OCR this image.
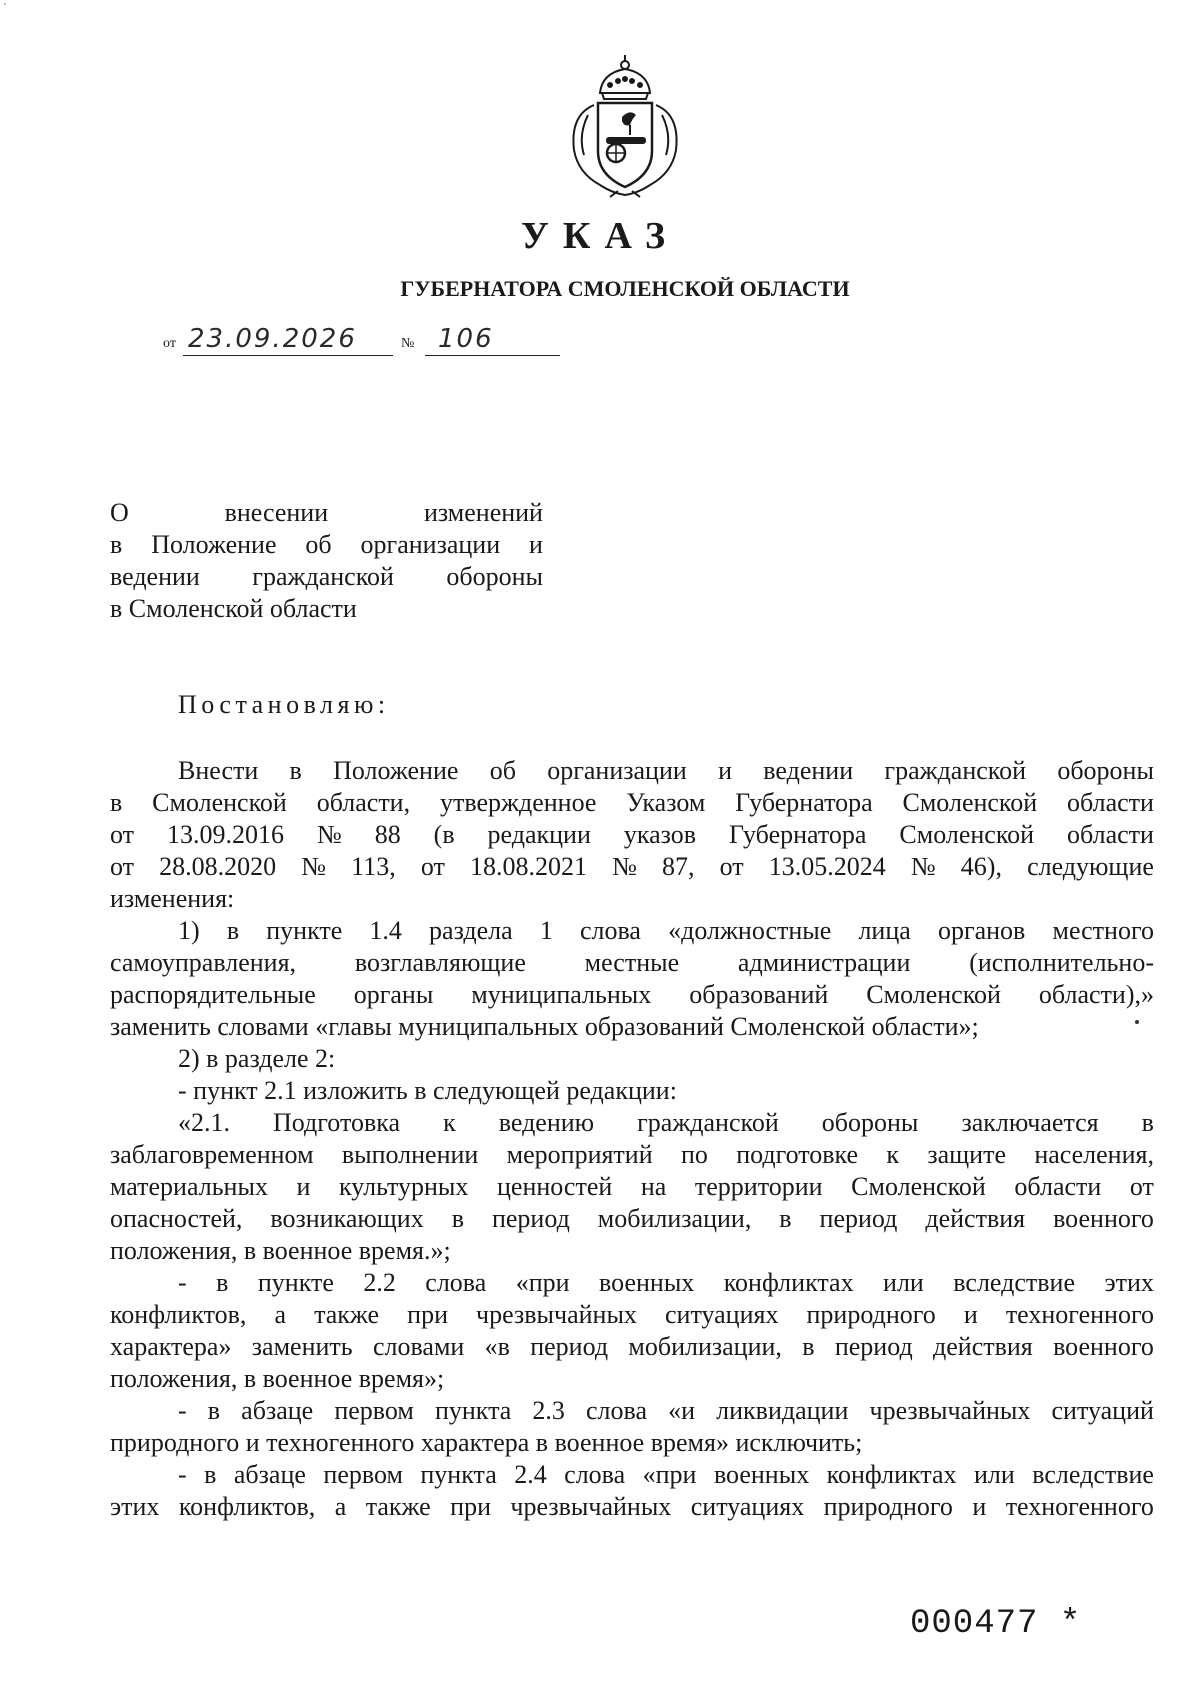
ʹ
УКАЗ
ГУБЕРНАТОРА СМОЛЕНСКОЙ ОБЛАСТИ
от 23.09.2026	№ 106
О	внесении	изменений
в Положение об организации и
ведении гражданской обороны
в Смоленской области
Постановляю:
Внести в Положение об организации и ведении гражданской обороны
в Смоленской области, утвержденное Указом Губернатора Смоленской области
от 13.09.2016 № 88 (в редакции указов Губернатора Смоленской области
от 28.08.2020 № 113, от 18.08.2021 № 87, от 13.05.2024 № 46), следующие
изменения:
1) в пункте 1.4 раздела 1 слова «должностные лица органов местного
самоуправления, возглавляющие местные администрации (исполнительно-
распорядительные органы муниципальных образований Смоленской области),»
заменить словами «главы муниципальных образований Смоленской области»;
2) в разделе 2:
- пункт 2.1 изложить в следующей редакции:
«2.1. Подготовка к ведению гражданской обороны заключается в
заблаговременном выполнении мероприятий по подготовке к защите населения,
материальных и культурных ценностей на территории Смоленской области от
опасностей, возникающих в период мобилизации, в период действия военного
положения, в военное время.»;
- в пункте 2.2 слова «при военных конфликтах или вследствие этих
конфликтов, а также при чрезвычайных ситуациях природного и техногенного
характера» заменить словами «в период мобилизации, в период действия военного
положения, в военное время»;
- в абзаце первом пункта 2.3 слова «и ликвидации чрезвычайных ситуаций
природного и техногенного характера в военное время» исключить;
- в абзаце первом пункта 2.4 слова «при военных конфликтах или вследствие
этих конфликтов, а также при чрезвычайных ситуациях природного и техногенного
000477 *
